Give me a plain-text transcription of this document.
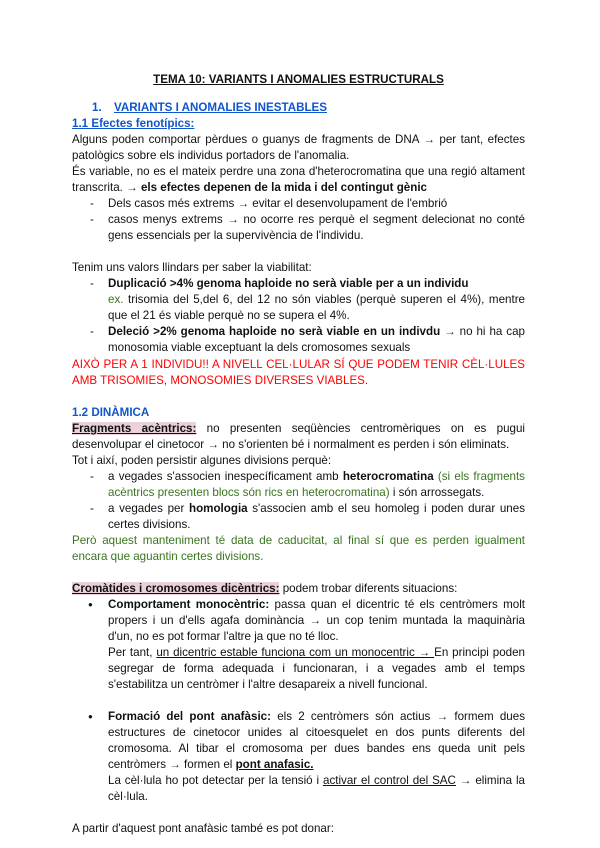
TEMA 10: VARIANTS I ANOMALIES ESTRUCTURALS

1. VARIANTS I ANOMALIES INESTABLES

1.1 Efectes fenotípics:

Alguns poden comportar pèrdues o guanys de fragments de DNA → per tant, efectes patològics sobre els individus portadors de l'anomalia.

És variable, no es el mateix perdre una zona d'heterocromatina que una regió altament transcrita. → els efectes depenen de la mida i del contingut gènic

- Dels casos més extrems → evitar el desenvolupament de l'embrió
- casos menys extrems → no ocorre res perquè el segment delecionat no conté gens essencials per la supervivència de l'individu.

Tenim uns valors llindars per saber la viabilitat:

- Duplicació >4% genoma haploide no serà viable per a un individu
ex. trisomia del 5,del 6, del 12 no són viables (perquè superen el 4%), mentre que el 21 és viable perquè no se supera el 4%.
- Deleció >2% genoma haploide no serà viable en un indivdu → no hi ha cap monosomia viable exceptuant la dels cromosomes sexuals

AIXÒ PER A 1 INDIVIDU!! A NIVELL CEL·LULAR SÍ QUE PODEM TENIR CÈL·LULES AMB TRISOMIES, MONOSOMIES DIVERSES VIABLES.

1.2 DINÀMICA

Fragments acèntrics: no presenten seqüències centromèriques on es pugui desenvolupar el cinetocor → no s'orienten bé i normalment es perden i són eliminats.

Tot i així, poden persistir algunes divisions perquè:

- a vegades s'associen inespecíficament amb heterocromatina (si els fragments acèntrics presenten blocs són rics en heterocromatina) i són arrossegats.
- a vegades per homologia s'associen amb el seu homoleg i poden durar unes certes divisions.

Però aquest manteniment té data de caducitat, al final sí que es perden igualment encara que aguantin certes divisions.

Cromàtides i cromosomes dicèntrics: podem trobar diferents situacions:

● Comportament monocèntric: passa quan el dicentric té els centròmers molt propers i un d'ells agafa dominància → un cop tenim muntada la maquinària d'un, no es pot formar l'altre ja que no té lloc.
Per tant, un dicentric estable funciona com un monocentric → En principi poden segregar de forma adequada i funcionaran, i a vegades amb el temps s'estabilitza un centròmer i l'altre desapareix a nivell funcional.
● Formació del pont anafàsic: els 2 centròmers són actius → formem dues estructures de cinetocor unides al citoesquelet en dos punts diferents del cromosoma. Al tibar el cromosoma per dues bandes ens queda unit pels centròmers → formen el pont anafasic.
La cèl·lula ho pot detectar per la tensió i activar el control del SAC → elimina la cèl·lula.

A partir d'aquest pont anafàsic també es pot donar:
